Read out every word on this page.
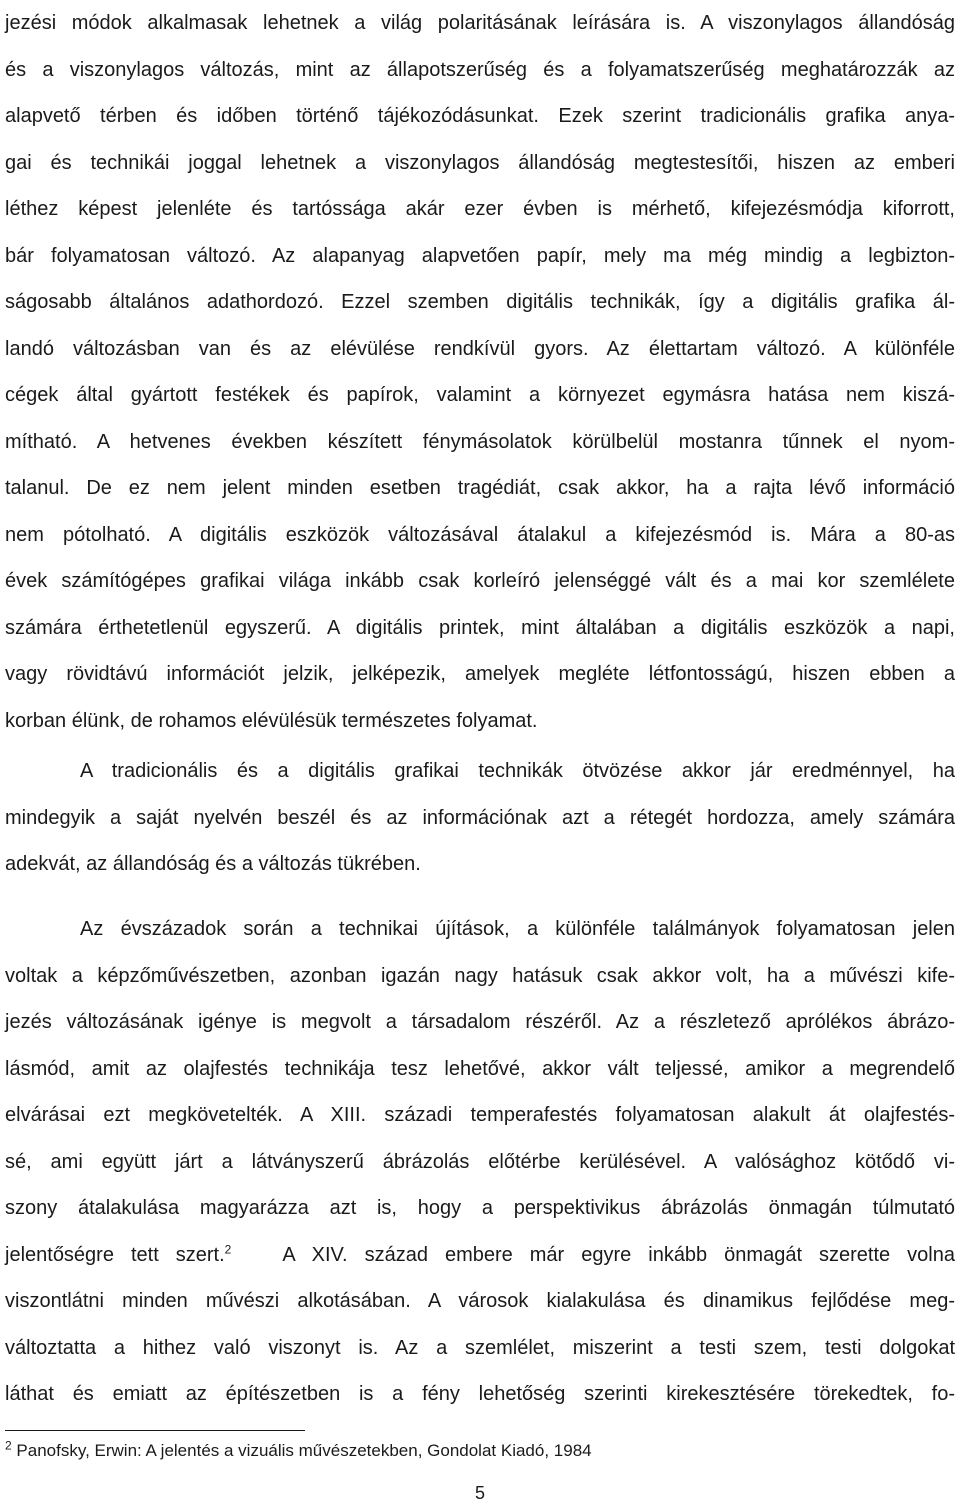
jezési módok alkalmasak lehetnek a világ polaritásának leírására is. A viszonylagos állandóság
és a viszonylagos változás, mint az állapotszerűség és a folyamatszerűség meghatározzák az
alapvető térben és időben történő tájékozódásunkat. Ezek szerint tradicionális grafika anya-
gai és technikái joggal lehetnek a viszonylagos állandóság megtestesítői, hiszen az emberi
léthez képest jelenléte és tartóssága akár ezer évben is mérhető, kifejezésmódja kiforrott,
bár folyamatosan változó. Az alapanyag alapvetően papír, mely ma még mindig a legbizton-
ságosabb általános adathordozó. Ezzel szemben digitális technikák, így a digitális grafika ál-
landó változásban van és az elévülése rendkívül gyors. Az élettartam változó. A különféle
cégek által gyártott festékek és papírok, valamint a környezet egymásra hatása nem kiszá-
mítható. A hetvenes években készített fénymásolatok körülbelül mostanra tűnnek el nyom-
talanul. De ez nem jelent minden esetben tragédiát, csak akkor, ha a rajta lévő információ
nem pótolható. A digitális eszközök változásával átalakul a kifejezésmód is. Mára a 80-as
évek számítógépes grafikai világa inkább csak korleíró jelenséggé vált és a mai kor szemlélete
számára érthetetlenül egyszerű. A digitális printek, mint általában a digitális eszközök a napi,
vagy rövidtávú információt jelzik, jelképezik, amelyek megléte létfontosságú, hiszen ebben a
korban élünk, de rohamos elévülésük természetes folyamat.
A tradicionális és a digitális grafikai technikák ötvözése akkor jár eredménnyel, ha
mindegyik a saját nyelvén beszél és az információnak azt a rétegét hordozza, amely számára
adekvát, az állandóság és a változás tükrében.
Az évszázadok során a technikai újítások, a különféle találmányok folyamatosan jelen
voltak a képzőművészetben, azonban igazán nagy hatásuk csak akkor volt, ha a művészi kife-
jezés változásának igénye is megvolt a társadalom részéről. Az a részletező aprólékos ábrázo-
lásmód, amit az olajfestés technikája tesz lehetővé, akkor vált teljessé, amikor a megrendelő
elvárásai ezt megkövetelték. A XIII. századi temperafestés folyamatosan alakult át olajfestés-
sé, ami együtt járt a látványszerű ábrázolás előtérbe kerülésével. A valósághoz kötődő vi-
szony átalakulása magyarázza azt is, hogy a perspektivikus ábrázolás önmagán túlmutató
jelentőségre tett szert.$^2$	A XIV. század embere már egyre inkább önmagát szerette volna
viszontlátni minden művészi alkotásában. A városok kialakulása és dinamikus fejlődése meg-
változtatta a hithez való viszonyt is. Az a szemlélet, miszerint a testi szem, testi dolgokat
láthat és emiatt az építészetben is a fény lehetőség szerinti kirekesztésére törekedtek, fo-

$^2$ Panofsky, Erwin: A jelentés a vizuális művészetekben, Gondolat Kiadó, 1984

5
